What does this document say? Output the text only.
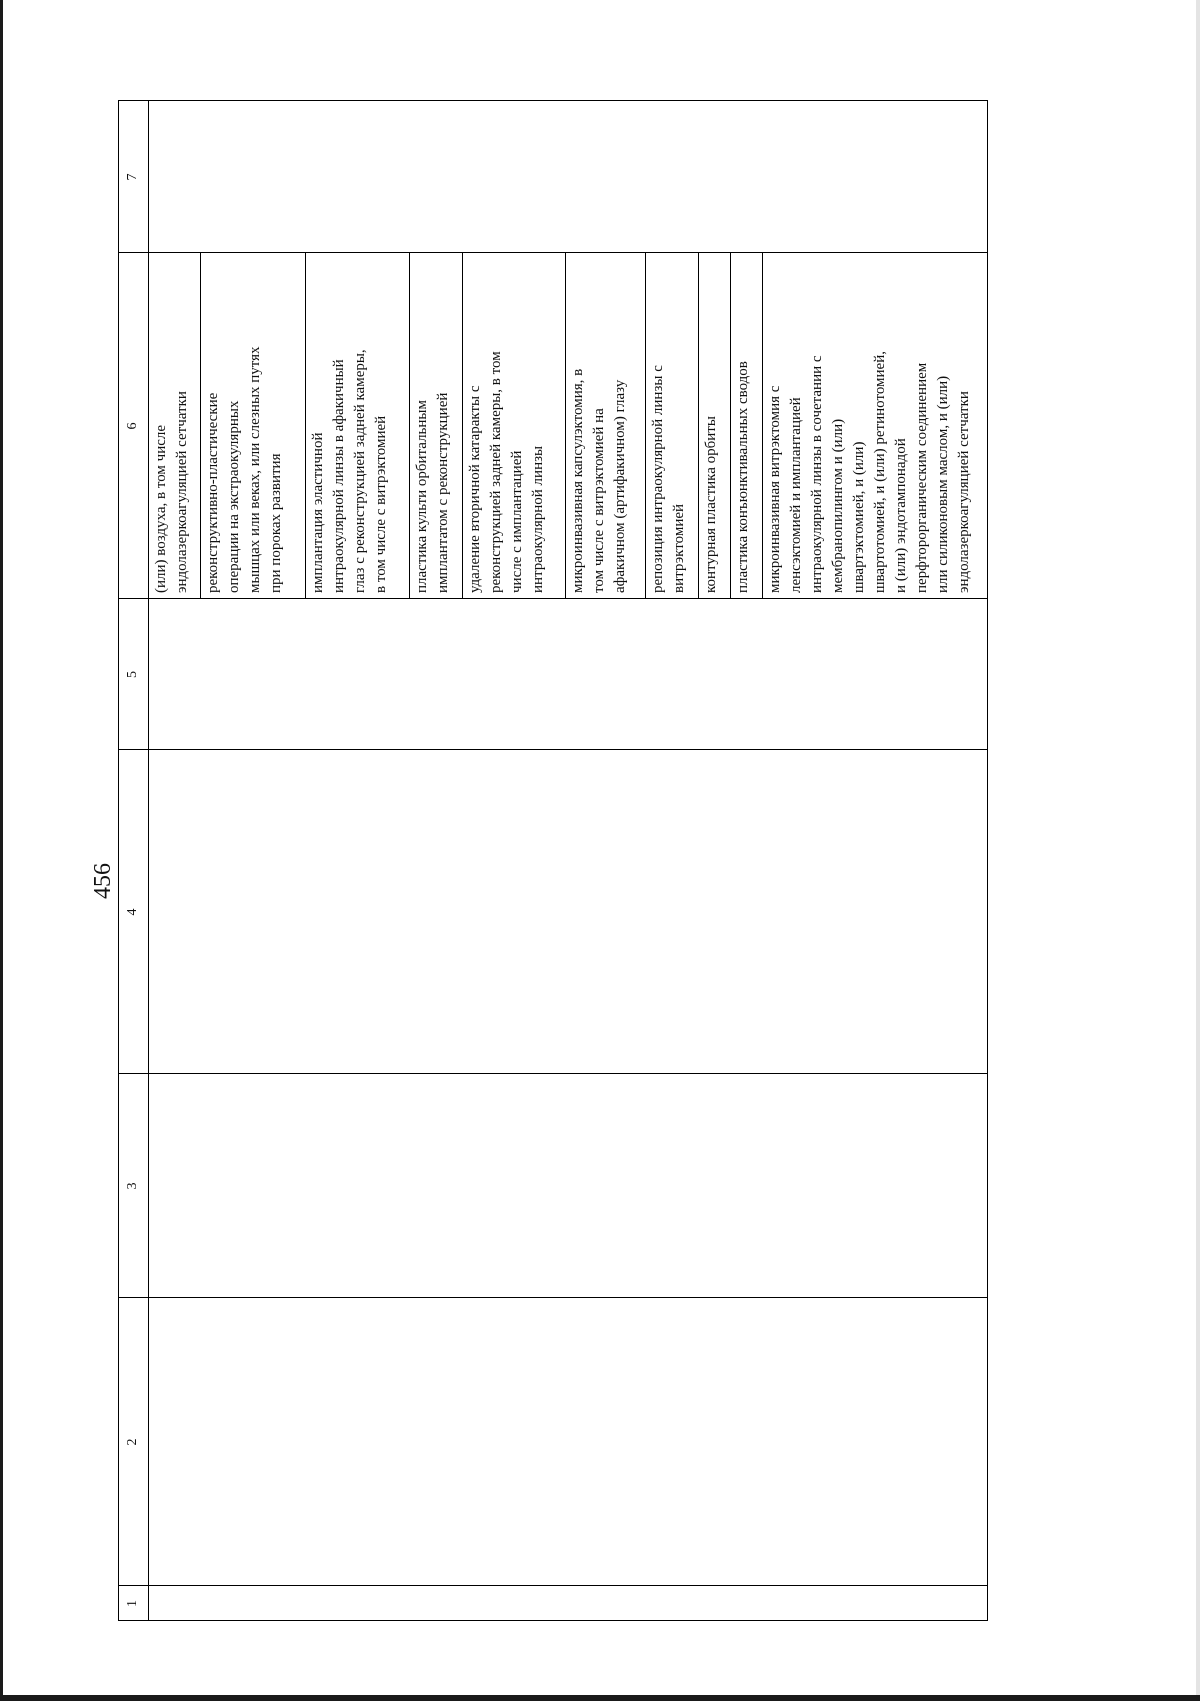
456
1
2
3
4
5
6
7
(или) воздуха, в том числе
эндолазеркоагуляцией сетчатки реконструктивно-пластические
операции на экстраокулярных
мышцах или веках, или слезных путях
при пороках развития
имплантация эластичной
интраокулярной линзы в афакичный
глаз с реконструкцией задней камеры,
в том числе с витрэктомией
пластика культи орбитальным
имплантатом с реконструкцией
удаление вторичной катаракты с
реконструкцией задней камеры, в том
числе с имплантацией
интраокулярной линзы
микроинвазивная капсулэктомия, в
том числе с витрэктомией на
афакичном (артифакичном) глазу
репозиция интраокулярной линзы с
витрэктомией контурная пластика орбиты пластика конъюнктивальных сводов микроинвазивная витрэктомия с
ленсэктомией и имплантацией
интраокулярной линзы в сочетании с
мембранопилингом и (или)
швартэктомией, и (или)
швартотомией, и (или) ретинотомией,
и (или) эндотампонадой
перфторорганическим соединением
или силиконовым маслом, и (или)
эндолазеркоагуляцией сетчатки
